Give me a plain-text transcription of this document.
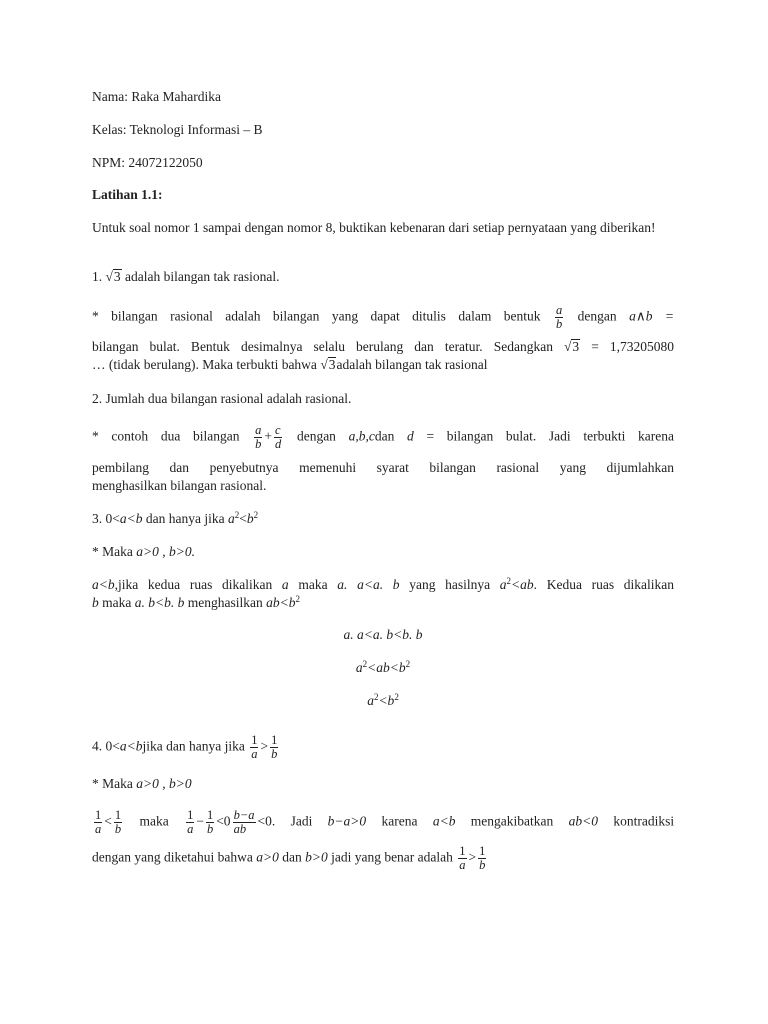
Nama: Raka Mahardika

Kelas: Teknologi Informasi – B

NPM: 24072122050

Latihan 1.1:

Untuk soal nomor 1 sampai dengan nomor 8, buktikan kebenaran dari setiap pernyataan yang diberikan!

1. √3 adalah bilangan tak rasional.

* bilangan rasional adalah bilangan yang dapat ditulis dalam bentuk $\frac{a}{b}$ dengan a∧b =

bilangan bulat. Bentuk desimalnya selalu berulang dan teratur. Sedangkan √3 = 1,73205080

… (tidak berulang). Maka terbukti bahwa √3adalah bilangan tak rasional

2. Jumlah dua bilangan rasional adalah rasional.

* contoh dua bilangan $\frac{a}{b} + \frac{c}{d}$ dengan a,b,cdan d = bilangan bulat. Jadi terbukti karena

pembilang dan penyebutnya memenuhi syarat bilangan rasional yang dijumlahkan

menghasilkan bilangan rasional.

3. 0<a<b dan hanya jika $a^2<b^2$

* Maka a>0 , b>0.

a<b,jika kedua ruas dikalikan a maka a. a<a. b yang hasilnya $a^2<ab$. Kedua ruas dikalikan

b maka a. b<b. b menghasilkan $ab<b^2$

a. a<a. b<b. b

$a^2<ab<b^2$

$a^2<b^2$

4. 0<a<bjika dan hanya jika $\frac{1}{a} > \frac{1}{b}$

* Maka a>0 , b>0

$\frac{1}{a} < \frac{1}{b}$ maka $\frac{1}{a} - \frac{1}{b} <0 \frac{b-a}{ab} <0$. Jadi b−a>0 karena a<b mengakibatkan ab<0 kontradiksi

dengan yang diketahui bahwa a>0 dan b>0 jadi yang benar adalah $\frac{1}{a} > \frac{1}{b}$
